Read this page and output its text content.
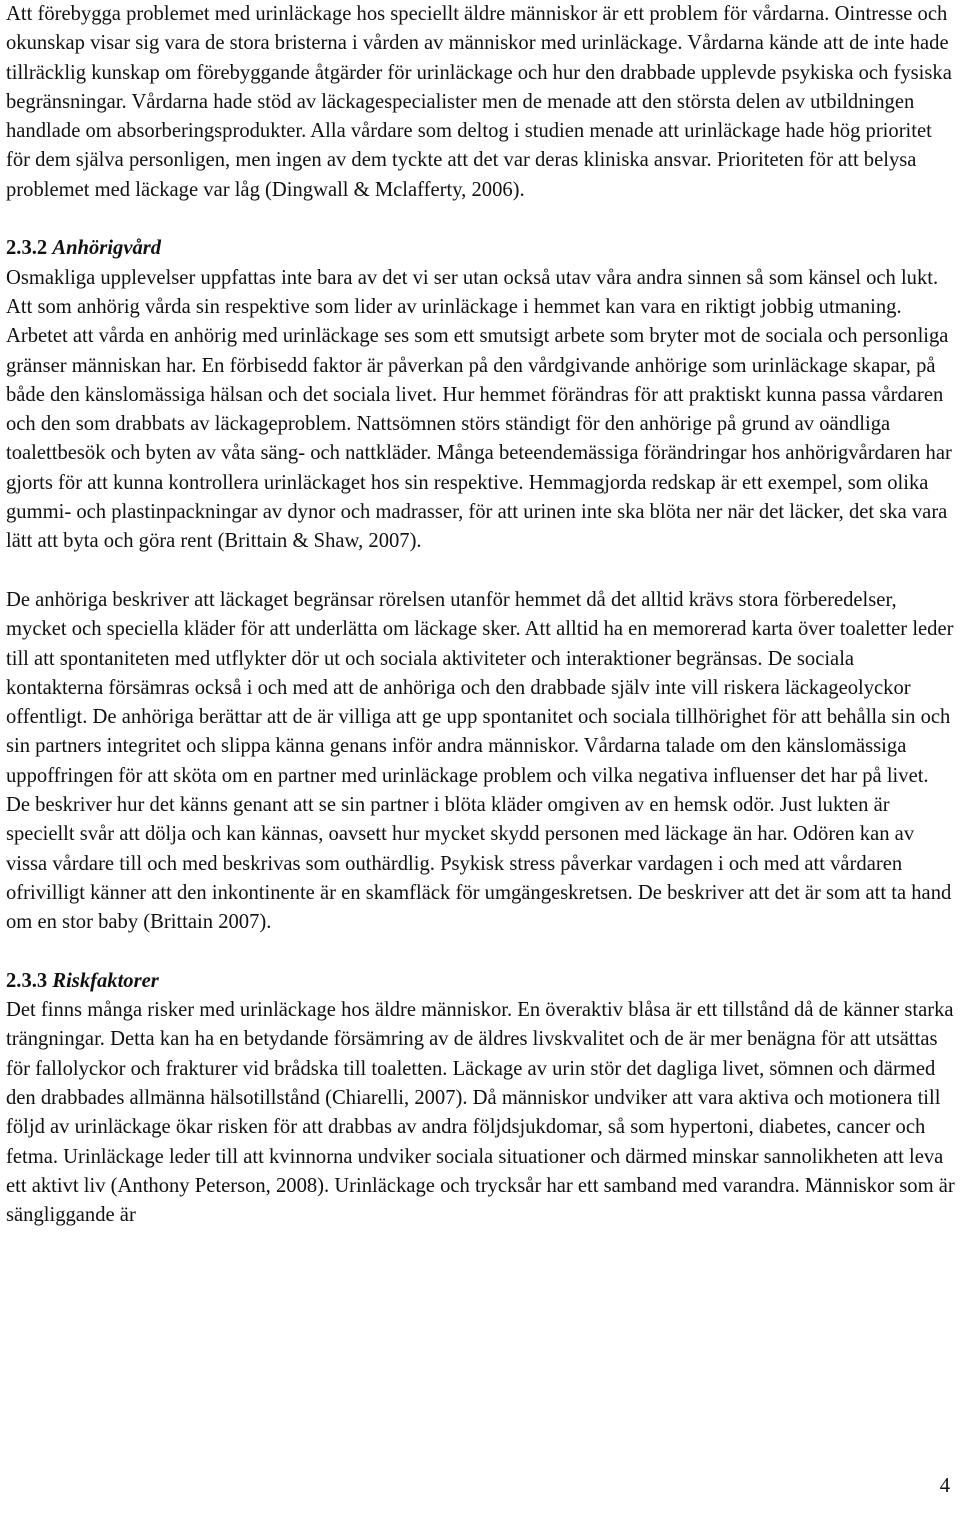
Att förebygga problemet med urinläckage hos speciellt äldre människor är ett problem för vårdarna. Ointresse och okunskap visar sig vara de stora bristerna i vården av människor med urinläckage. Vårdarna kände att de inte hade tillräcklig kunskap om förebyggande åtgärder för urinläckage och hur den drabbade upplevde psykiska och fysiska begränsningar. Vårdarna hade stöd av läckagespecialister men de menade att den största delen av utbildningen handlade om absorberingsprodukter. Alla vårdare som deltog i studien menade att urinläckage hade hög prioritet för dem själva personligen, men ingen av dem tyckte att det var deras kliniska ansvar. Prioriteten för att belysa problemet med läckage var låg (Dingwall & Mclafferty, 2006).

2.3.2 Anhörigvård

Osmakliga upplevelser uppfattas inte bara av det vi ser utan också utav våra andra sinnen så som känsel och lukt. Att som anhörig vårda sin respektive som lider av urinläckage i hemmet kan vara en riktigt jobbig utmaning. Arbetet att vårda en anhörig med urinläckage ses som ett smutsigt arbete som bryter mot de sociala och personliga gränser människan har. En förbisedd faktor är påverkan på den vårdgivande anhörige som urinläckage skapar, på både den känslomässiga hälsan och det sociala livet. Hur hemmet förändras för att praktiskt kunna passa vårdaren och den som drabbats av läckageproblem. Nattsömnen störs ständigt för den anhörige på grund av oändliga toalettbesök och byten av våta säng- och nattkläder. Många beteendemässiga förändringar hos anhörigvårdaren har gjorts för att kunna kontrollera urinläckaget hos sin respektive. Hemmagjorda redskap är ett exempel, som olika gummi- och plastinpackningar av dynor och madrasser, för att urinen inte ska blöta ner när det läcker, det ska vara lätt att byta och göra rent (Brittain & Shaw, 2007).

De anhöriga beskriver att läckaget begränsar rörelsen utanför hemmet då det alltid krävs stora förberedelser, mycket och speciella kläder för att underlätta om läckage sker. Att alltid ha en memorerad karta över toaletter leder till att spontaniteten med utflykter dör ut och sociala aktiviteter och interaktioner begränsas. De sociala kontakterna försämras också i och med att de anhöriga och den drabbade själv inte vill riskera läckageolyckor offentligt. De anhöriga berättar att de är villiga att ge upp spontanitet och sociala tillhörighet för att behålla sin och sin partners integritet och slippa känna genans inför andra människor. Vårdarna talade om den känslomässiga uppoffringen för att sköta om en partner med urinläckage problem och vilka negativa influenser det har på livet. De beskriver hur det känns genant att se sin partner i blöta kläder omgiven av en hemsk odör. Just lukten är speciellt svår att dölja och kan kännas, oavsett hur mycket skydd personen med läckage än har. Odören kan av vissa vårdare till och med beskrivas som outhärdlig. Psykisk stress påverkar vardagen i och med att vårdaren ofrivilligt känner att den inkontinente är en skamfläck för umgängeskretsen. De beskriver att det är som att ta hand om en stor baby (Brittain 2007).

2.3.3 Riskfaktorer

Det finns många risker med urinläckage hos äldre människor. En överaktiv blåsa är ett tillstånd då de känner starka trängningar. Detta kan ha en betydande försämring av de äldres livskvalitet och de är mer benägna för att utsättas för fallolyckor och frakturer vid brådska till toaletten. Läckage av urin stör det dagliga livet, sömnen och därmed den drabbades allmänna hälsotillstånd (Chiarelli, 2007). Då människor undviker att vara aktiva och motionera till följd av urinläckage ökar risken för att drabbas av andra följdsjukdomar, så som hypertoni, diabetes, cancer och fetma. Urinläckage leder till att kvinnorna undviker sociala situationer och därmed minskar sannolikheten att leva ett aktivt liv (Anthony Peterson, 2008). Urinläckage och trycksår har ett samband med varandra. Människor som är sängliggande är

4
